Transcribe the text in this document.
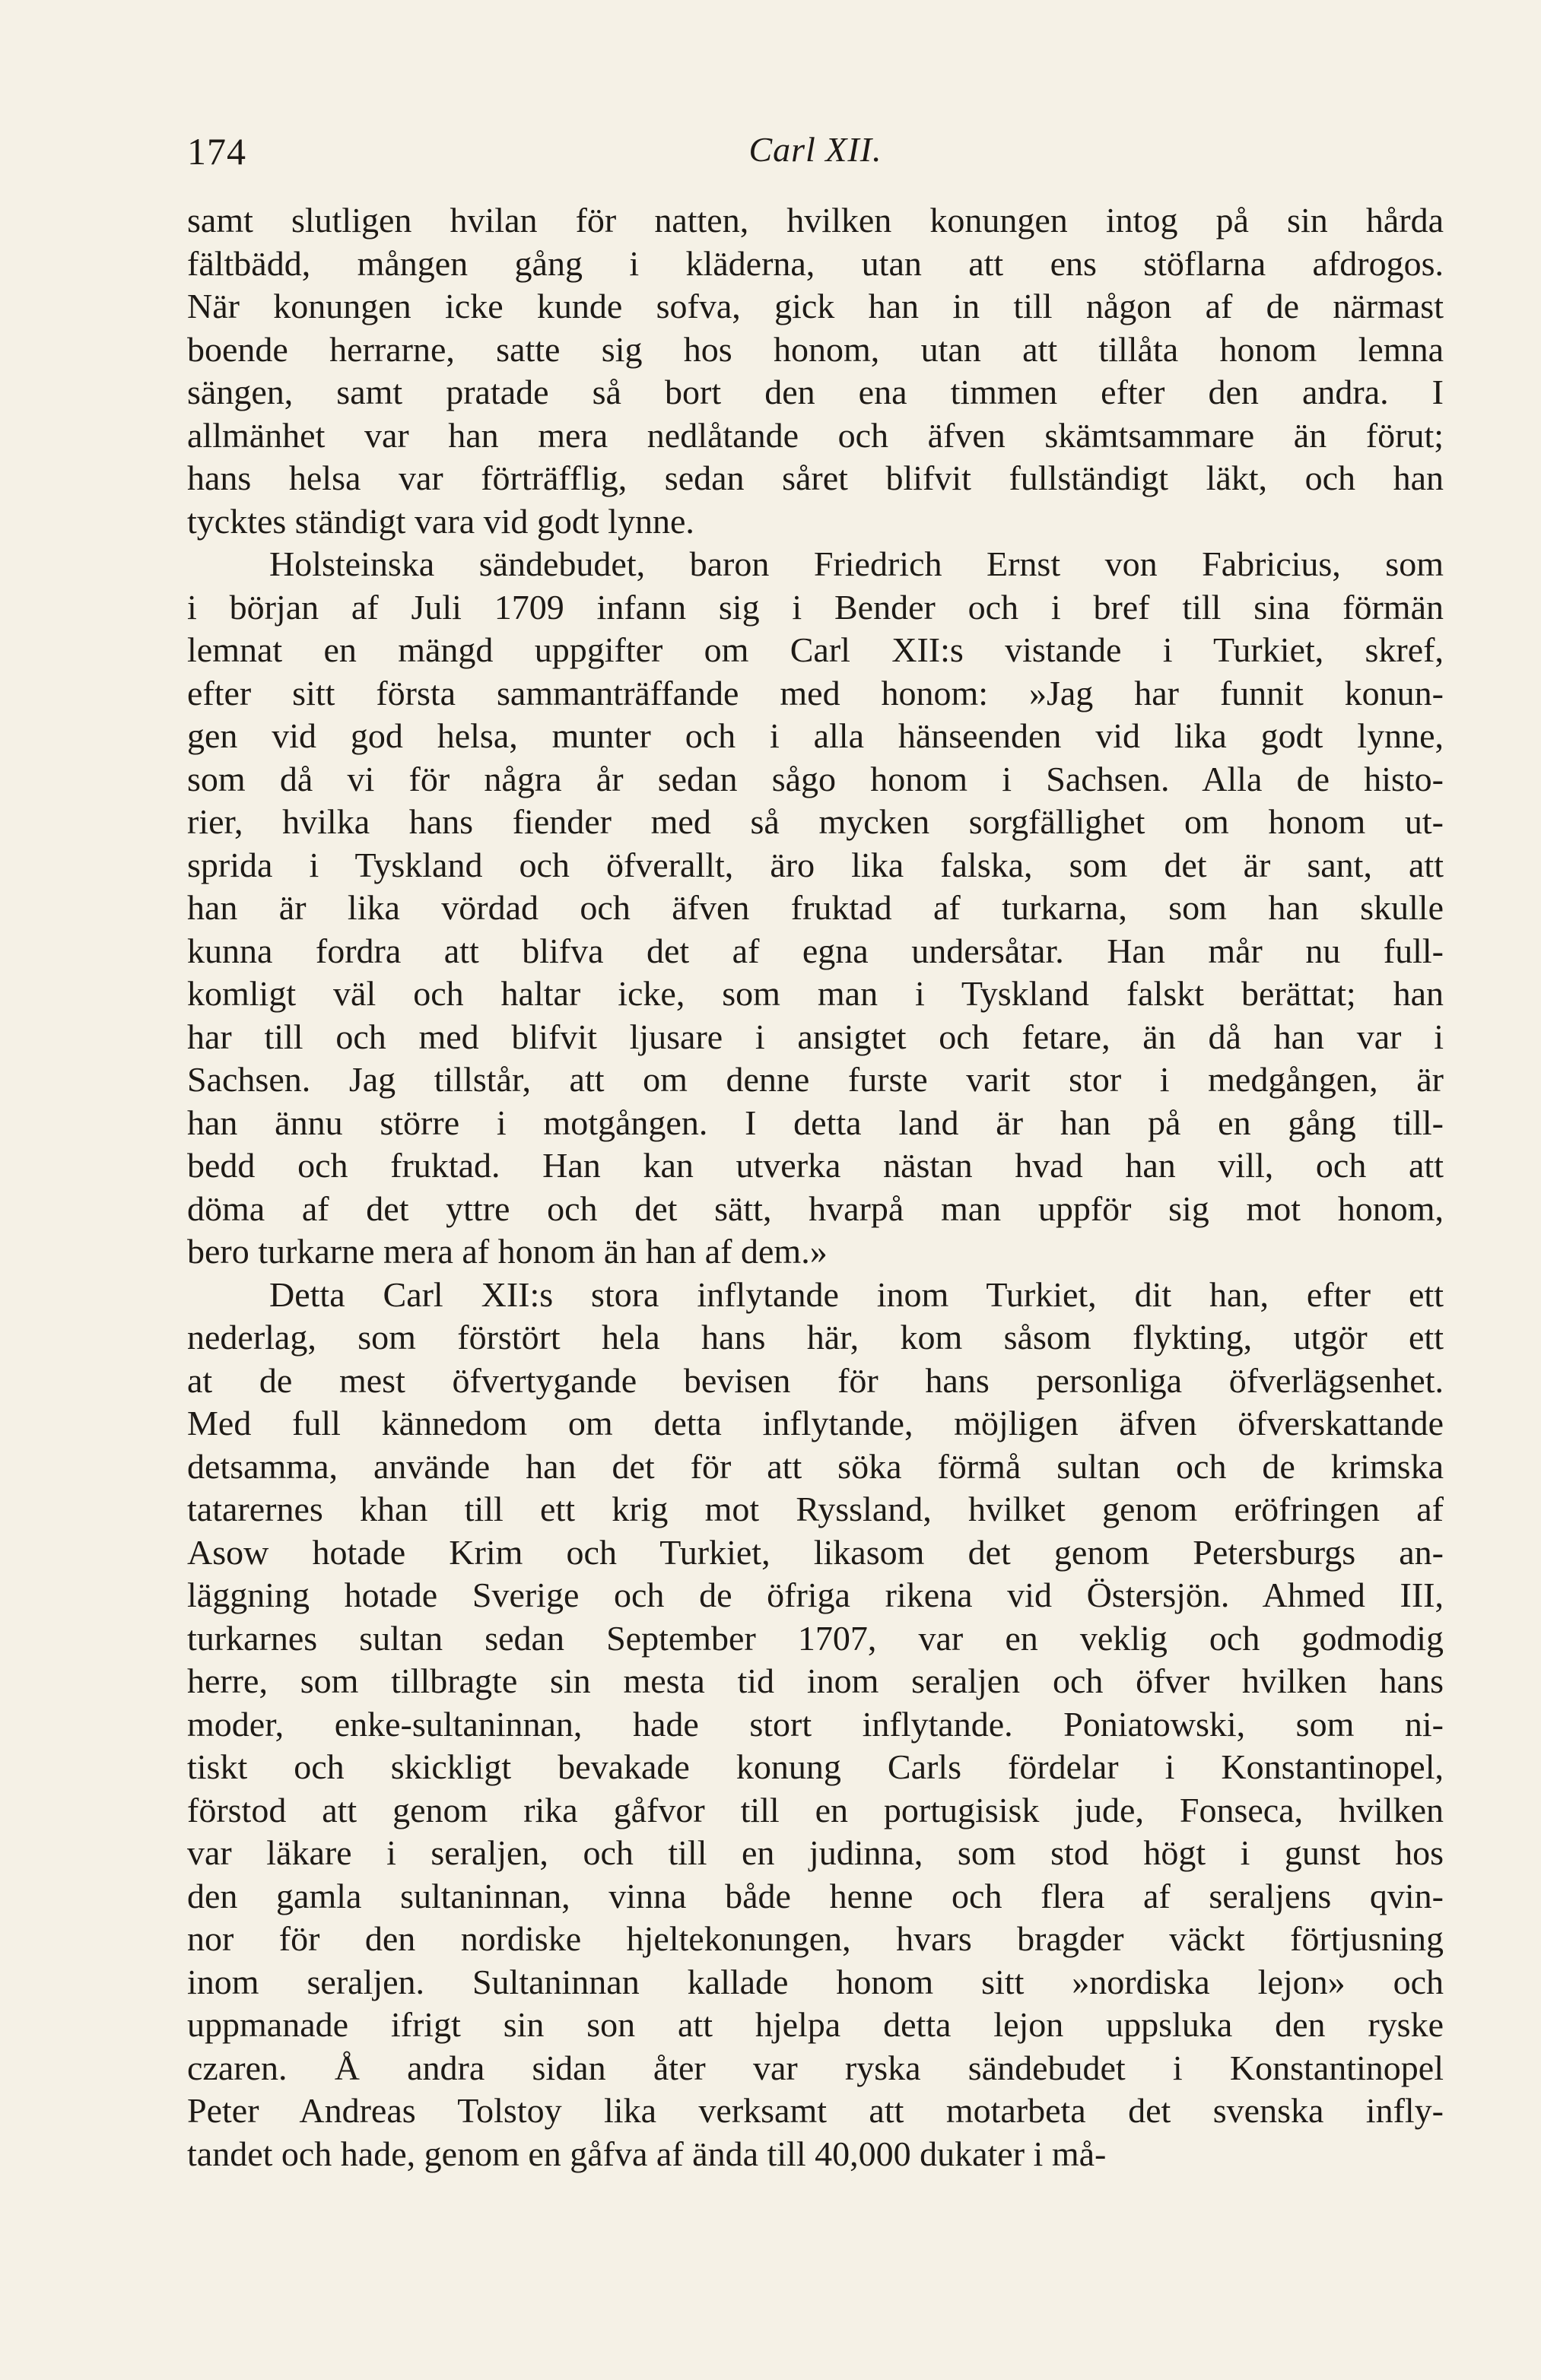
174	Carl XII.
samt slutligen hvilan för natten, hvilken konungen intog på sin hårda
fältbädd, mången gång i kläderna, utan att ens stöflarna afdrogos.
När konungen icke kunde sofva, gick han in till någon af de närmast
boende herrarne, satte sig hos honom, utan att tillåta honom lemna
sängen, samt pratade så bort den ena timmen efter den andra. I
allmänhet var han mera nedlåtande och äfven skämtsammare än förut;
hans helsa var förträfflig, sedan såret blifvit fullständigt läkt, och han
tycktes ständigt vara vid godt lynne.
Holsteinska sändebudet, baron Friedrich Ernst von Fabricius, som
i början af Juli 1709 infann sig i Bender och i bref till sina förmän
lemnat en mängd uppgifter om Carl XII:s vistande i Turkiet, skref,
efter sitt första sammanträffande med honom: »Jag har funnit konun-
gen vid god helsa, munter och i alla hänseenden vid lika godt lynne,
som då vi för några år sedan sågo honom i Sachsen. Alla de histo-
rier, hvilka hans fiender med så mycken sorgfällighet om honom ut-
sprida i Tyskland och öfverallt, äro lika falska, som det är sant, att
han är lika vördad och äfven fruktad af turkarna, som han skulle
kunna fordra att blifva det af egna undersåtar. Han mår nu full-
komligt väl och haltar icke, som man i Tyskland falskt berättat; han
har till och med blifvit ljusare i ansigtet och fetare, än då han var i
Sachsen. Jag tillstår, att om denne furste varit stor i medgången, är
han ännu större i motgången. I detta land är han på en gång till-
bedd och fruktad. Han kan utverka nästan hvad han vill, och att
döma af det yttre och det sätt, hvarpå man uppför sig mot honom,
bero turkarne mera af honom än han af dem.»
Detta Carl XII:s stora inflytande inom Turkiet, dit han, efter ett
nederlag, som förstört hela hans här, kom såsom flykting, utgör ett
at de mest öfvertygande bevisen för hans personliga öfverlägsenhet.
Med full kännedom om detta inflytande, möjligen äfven öfverskattande
detsamma, använde han det för att söka förmå sultan och de krimska
tatarernes khan till ett krig mot Ryssland, hvilket genom eröfringen af
Asow hotade Krim och Turkiet, likasom det genom Petersburgs an-
läggning hotade Sverige och de öfriga rikena vid Östersjön. Ahmed III,
turkarnes sultan sedan September 1707, var en veklig och godmodig
herre, som tillbragte sin mesta tid inom seraljen och öfver hvilken hans
moder, enke-sultaninnan, hade stort inflytande. Poniatowski, som ni-
tiskt och skickligt bevakade konung Carls fördelar i Konstantinopel,
förstod att genom rika gåfvor till en portugisisk jude, Fonseca, hvilken
var läkare i seraljen, och till en judinna, som stod högt i gunst hos
den gamla sultaninnan, vinna både henne och flera af seraljens qvin-
nor för den nordiske hjeltekonungen, hvars bragder väckt förtjusning
inom seraljen. Sultaninnan kallade honom sitt »nordiska lejon» och
uppmanade ifrigt sin son att hjelpa detta lejon uppsluka den ryske
czaren. Å andra sidan åter var ryska sändebudet i Konstantinopel
Peter Andreas Tolstoy lika verksamt att motarbeta det svenska infly-
tandet och hade, genom en gåfva af ända till 40,000 dukater i må-
